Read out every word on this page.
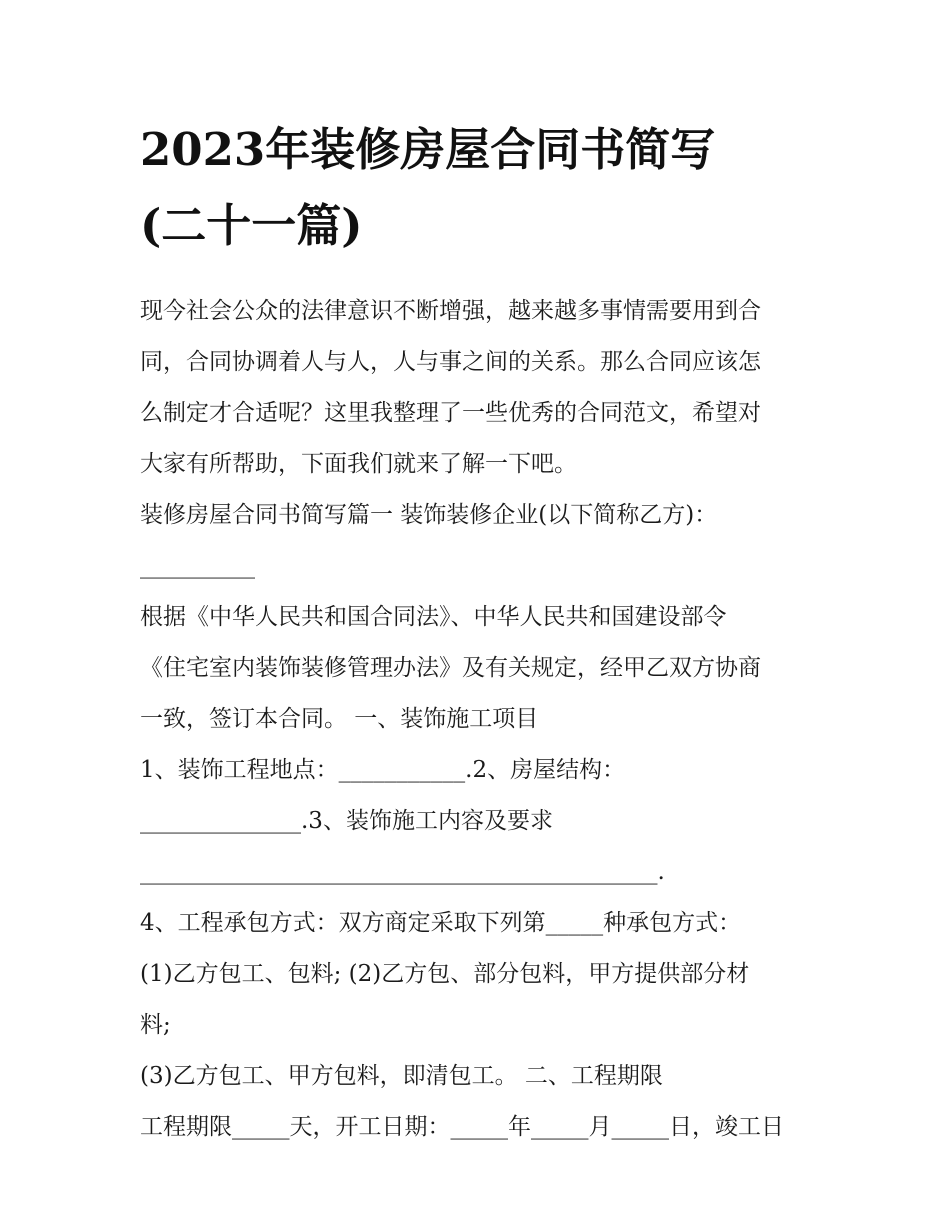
2023年装修房屋合同书简写
(二十一篇)

现今社会公众的法律意识不断增强，越来越多事情需要用到合
同，合同协调着人与人，人与事之间的关系。那么合同应该怎
么制定才合适呢？这里我整理了一些优秀的合同范文，希望对
大家有所帮助，下面我们就来了解一下吧。

装修房屋合同书简写篇一 装饰装修企业(以下简称乙方)：
__________
根据《中华人民共和国合同法》、中华人民共和国建设部令
《住宅室内装饰装修管理办法》及有关规定，经甲乙双方协商
一致，签订本合同。 一、装饰施工项目
1、装饰工程地点：___________.2、房屋结构：
______________.3、装饰施工内容及要求
_____________________________________________.
4、工程承包方式：双方商定采取下列第_____种承包方式：
(1)乙方包工、包料; (2)乙方包、部分包料，甲方提供部分材
料;
(3)乙方包工、甲方包料，即清包工。 二、工程期限
工程期限_____天，开工日期：_____年_____月_____日，竣工日
